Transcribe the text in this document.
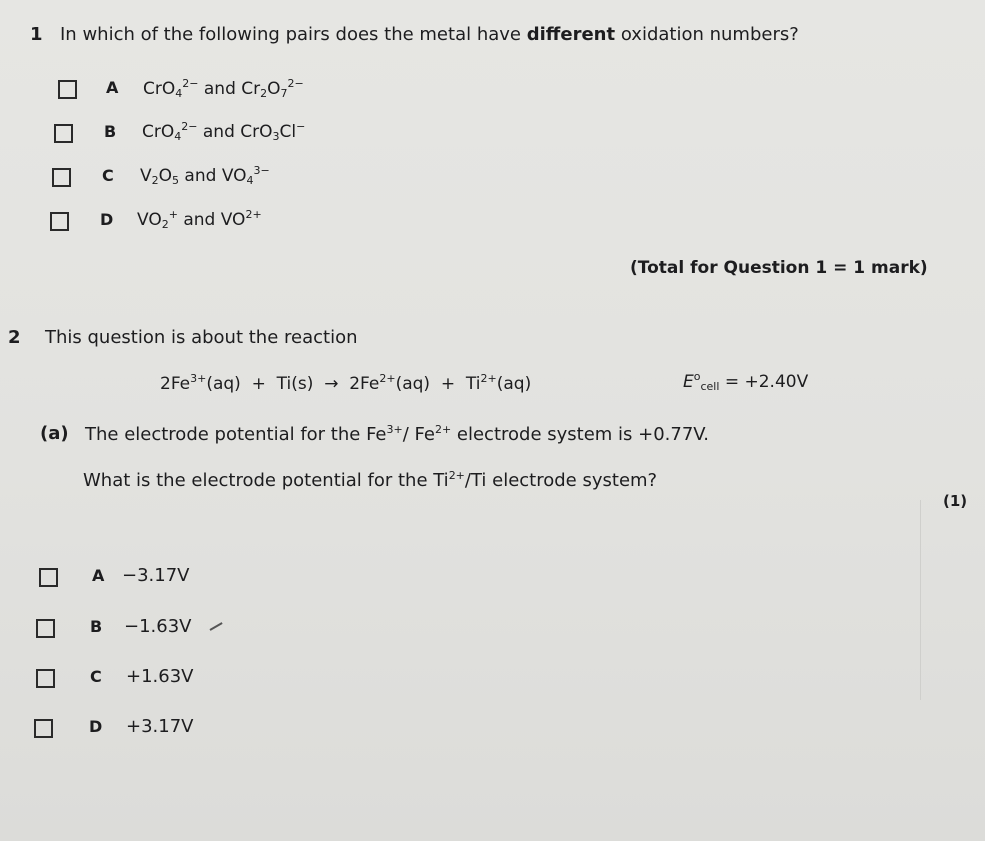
1 In which of the following pairs does the metal have different oxidation numbers?
A CrO$_4^{2-}$ and $Cr_2O_7^{2-}$
B CrO$_4^{2-}$ and CrO$_3$Cl−
C $V_2O_5$ and $VO_4^{3-}$
D $VO_2^+$ and $VO^{2+}$
(Total for Question 1 = 1 mark)
2 This question is about the reaction
$2Fe^{3+}(aq) + Ti(s) \to 2Fe^{2+}(aq) + Ti^{2+}(aq)$	$E^o_{cell} = +2.40V$
(a) The electrode potential for the $Fe^{3+}/$ $Fe^{2+}$ electrode system is +0.77V.
What is the electrode potential for the $Ti^{2+}/Ti$ electrode system?
(1)
A −3.17V
B −1.63V
C +1.63V
D +3.17V
